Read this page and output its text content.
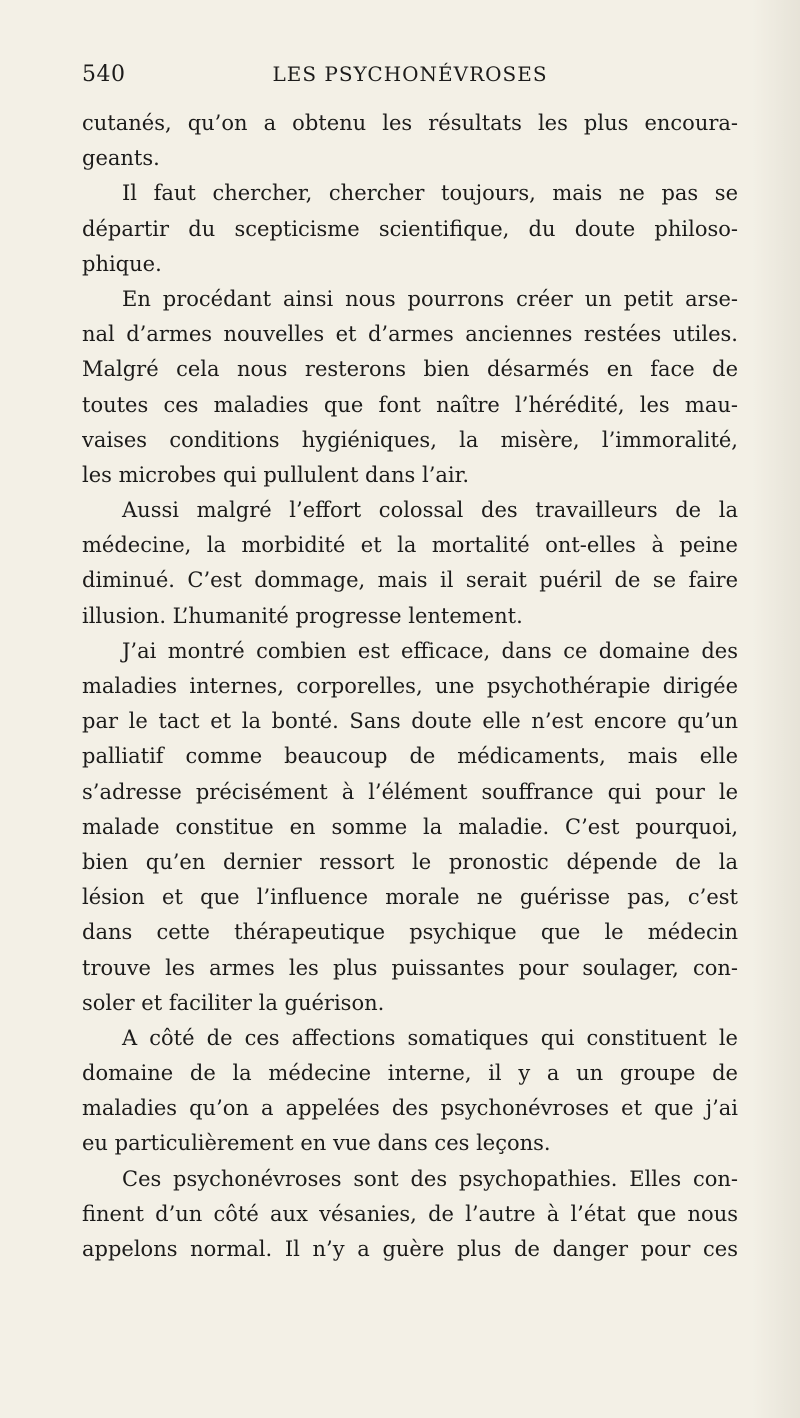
540	LES PSYCHONÉVROSES
cutanés, qu’on a obtenu les résultats les plus encoura-
geants.
Il faut chercher, chercher toujours, mais ne pas se
départir du scepticisme scientifique, du doute philoso-
phique.
En procédant ainsi nous pourrons créer un petit arse-
nal d’armes nouvelles et d’armes anciennes restées utiles.
Malgré cela nous resterons bien désarmés en face de
toutes ces maladies que font naître l’hérédité, les mau-
vaises conditions hygiéniques, la misère, l’immoralité,
les microbes qui pullulent dans l’air.
Aussi malgré l’effort colossal des travailleurs de la
médecine, la morbidité et la mortalité ont-elles à peine
diminué. C’est dommage, mais il serait puéril de se faire
illusion. L’humanité progresse lentement.
J’ai montré combien est efficace, dans ce domaine des
maladies internes, corporelles, une psychothérapie dirigée
par le tact et la bonté. Sans doute elle n’est encore qu’un
palliatif comme beaucoup de médicaments, mais elle
s’adresse précisément à l’élément souffrance qui pour le
malade constitue en somme la maladie. C’est pourquoi,
bien qu’en dernier ressort le pronostic dépende de la
lésion et que l’influence morale ne guérisse pas, c’est
dans cette thérapeutique psychique que le médecin
trouve les armes les plus puissantes pour soulager, con-
soler et faciliter la guérison.
A côté de ces affections somatiques qui constituent le
domaine de la médecine interne, il y a un groupe de
maladies qu’on a appelées des psychonévroses et que j’ai
eu particulièrement en vue dans ces leçons.
Ces psychonévroses sont des psychopathies. Elles con-
finent d’un côté aux vésanies, de l’autre à l’état que nous
appelons normal. Il n’y a guère plus de danger pour ces
